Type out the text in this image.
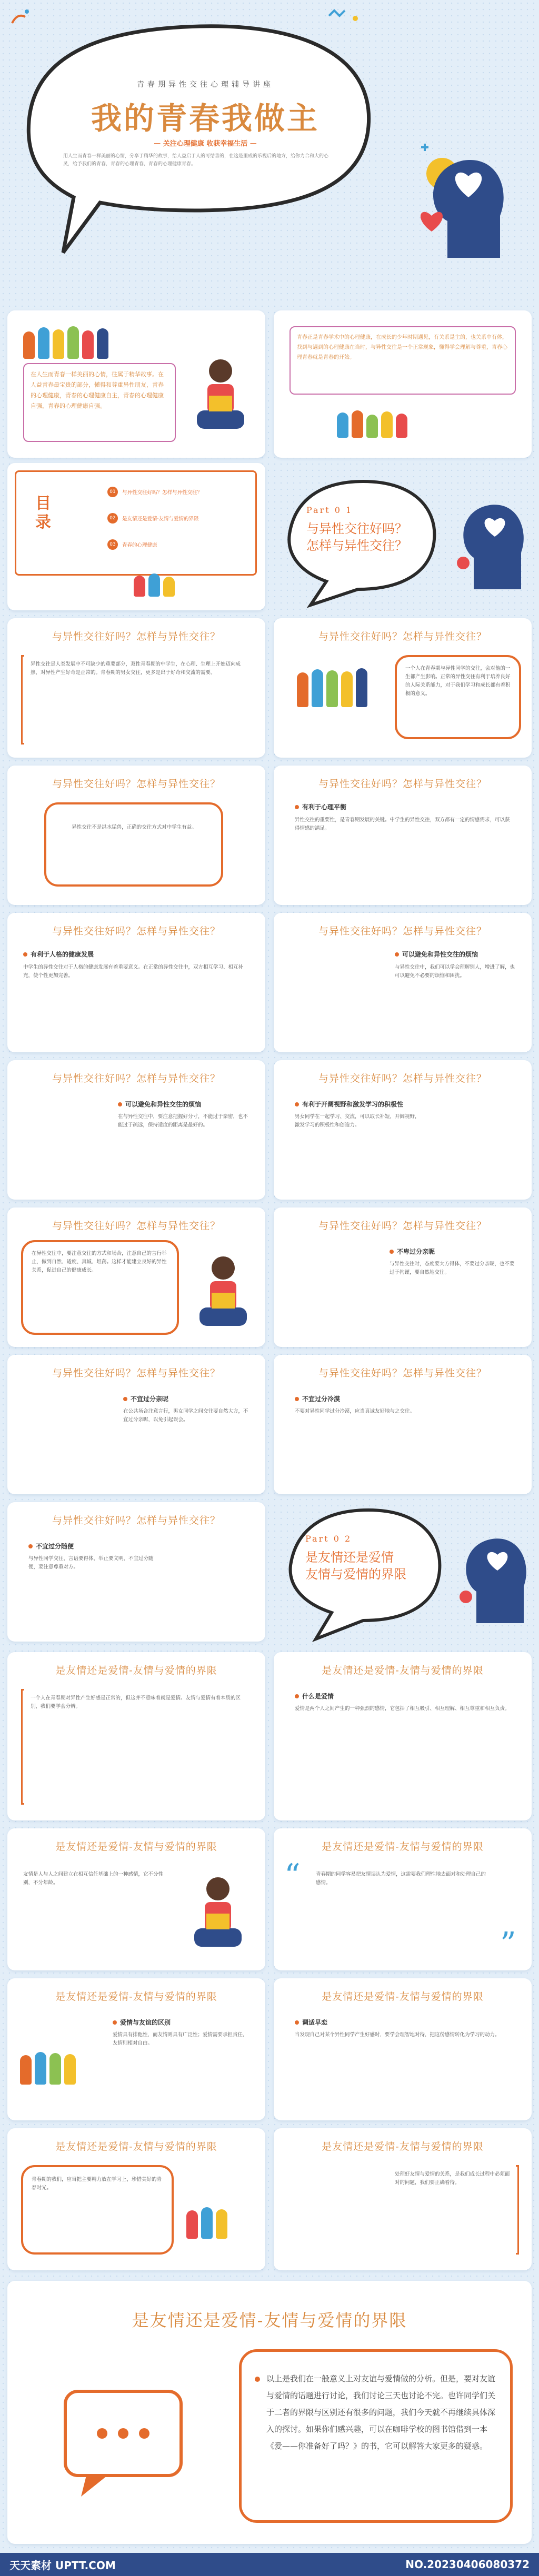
青春期异性交往心理辅导讲座
我的青春我做主
— 关注心理健康 收获幸福生活 —
用人生而青春一样美丽的心情，分享于精华的故事，给人益启于人的可结善的，在这是里成的乐视后的地方，给你力合和大的心灵，给予我们的青春，青春的心理青春，青春的心理健康青春。
在人生而青春一样美丽的心情，往属于精华故事。在人益青春最宝贵的部分，懂得和尊重异性朋友，青春的心理健康，青春的心理健康自主，青春的心理健康自强，青春的心理健康自强。
青春正是青春学术中的心理健康，在成长的少年时期遇见，有关系是主的，也关系中有体，找到与遇到的心理健康在当时，与异性交往是一个正常现象，懂得学会理解与尊重，青春心理青春就是青春的开始。
目录
01	与异性交往好吗？怎样与异性交往？
02	是友情还是爱情·友情与爱情的界限
03	青春的心理健康
Part 0 1
与异性交往好吗？
怎样与异性交往？
与异性交往好吗？怎样与异性交往？

异性交往是人类发展中不可缺少的重要部分，双性青春期的中学生，在心理、生理上开始迈向成熟，对异性产生好奇是正常的。青春期的男女交往，更多是出于好奇和交流的需要。

与异性交往好吗？怎样与异性交往？

一个人在青春期与异性同学的交往，会对他的一生都产生影响。正常的异性交往有利于培养良好的人际关系能力，对于我们学习和成长都有着积极的意义。

与异性交往好吗？怎样与异性交往？

异性交往不是洪水猛兽，正确的交往方式对中学生有益。

与异性交往好吗？怎样与异性交往？
有利于心理平衡

异性交往的重要性，是青春期发展的关键。中学生的异性交往，双方都有一定的情感需求，可以获得情感的满足。

与异性交往好吗？怎样与异性交往？
有利于人格的健康发展

中学生的异性交往对于人格的健康发展有着重要意义。在正常的异性交往中，双方相互学习、相互补充，使个性更加完善。

与异性交往好吗？怎样与异性交往？
可以避免和异性交往的烦恼

与异性交往中，我们可以学会理解别人，增进了解，也可以避免不必要的烦恼和困扰。

与异性交往好吗？怎样与异性交往？
可以避免和异性交往的烦恼

在与异性交往中，要注意把握好分寸，不能过于亲密，也不能过于疏远，保持适度的距离是最好的。

与异性交往好吗？怎样与异性交往？
有利于开阔视野和激发学习的积极性

男女同学在一起学习、交流，可以取长补短，开阔视野，激发学习的积极性和创造力。

与异性交往好吗？怎样与异性交往？

在异性交往中，要注意交往的方式和场合，注意自己的言行举止，做到自然、适度、真诚、坦荡。这样才能建立良好的异性关系，促进自己的健康成长。

与异性交往好吗？怎样与异性交往？
不卑过分亲昵

与异性交往时，态度要大方得体，不要过分亲昵，也不要过于拘谨，要自然地交往。

与异性交往好吗？怎样与异性交往？
不宜过分亲昵

在公共场合注意言行，男女同学之间交往要自然大方，不宜过分亲昵，以免引起误会。

与异性交往好吗？怎样与异性交往？
不宜过分冷漠

不要对异性同学过分冷漠，应当真诚友好地与之交往。

与异性交往好吗？怎样与异性交往？
不宜过分随便

与异性同学交往，言语要得体，举止要文明，不宜过分随便，要注意尊重对方。

Part 0 2
是友情还是爱情
友情与爱情的界限
是友情还是爱情-友情与爱情的界限

一个人在青春期对异性产生好感是正常的，但这并不意味着就是爱情。友情与爱情有着本质的区别，我们要学会分辨。

是友情还是爱情-友情与爱情的界限
什么是爱情

爱情是两个人之间产生的一种强烈的感情，它包括了相互吸引、相互理解、相互尊重和相互负责。

是友情还是爱情-友情与爱情的界限

友情是人与人之间建立在相互信任基础上的一种感情，它不分性别，不分年龄。

是友情还是爱情-友情与爱情的界限
“	青春期的同学容易把友情误认为爱情，这需要我们理性地去面对和处理自己的感情。

”
是友情还是爱情-友情与爱情的界限
爱情与友谊的区别

爱情具有排他性，而友情则具有广泛性；爱情需要承担责任，友情则相对自由。

是友情还是爱情-友情与爱情的界限
调适早恋

当发现自己对某个异性同学产生好感时，要学会理智地对待，把这份感情转化为学习的动力。

是友情还是爱情-友情与爱情的界限

青春期的我们，应当把主要精力放在学习上，珍惜美好的青春时光。

是友情还是爱情-友情与爱情的界限

处理好友情与爱情的关系，是我们成长过程中必须面对的问题，我们要正确看待。

是友情还是爱情-友情与爱情的界限
以上是我们在一般意义上对友谊与爱情做的分析。但是，要对友谊与爱情的话题进行讨论，我们讨论三天也讨论不完。也许同学们关于二者的界限与区别还有很多的问题，我们今天就不再继续具体深入的探讨。如果你们感兴趣，可以在咖啡学校的图书馆借到一本《爱——你准备好了吗？》的书，它可以解答大家更多的疑惑。
天天素材 UPTT.COM	NO.20230406080372
